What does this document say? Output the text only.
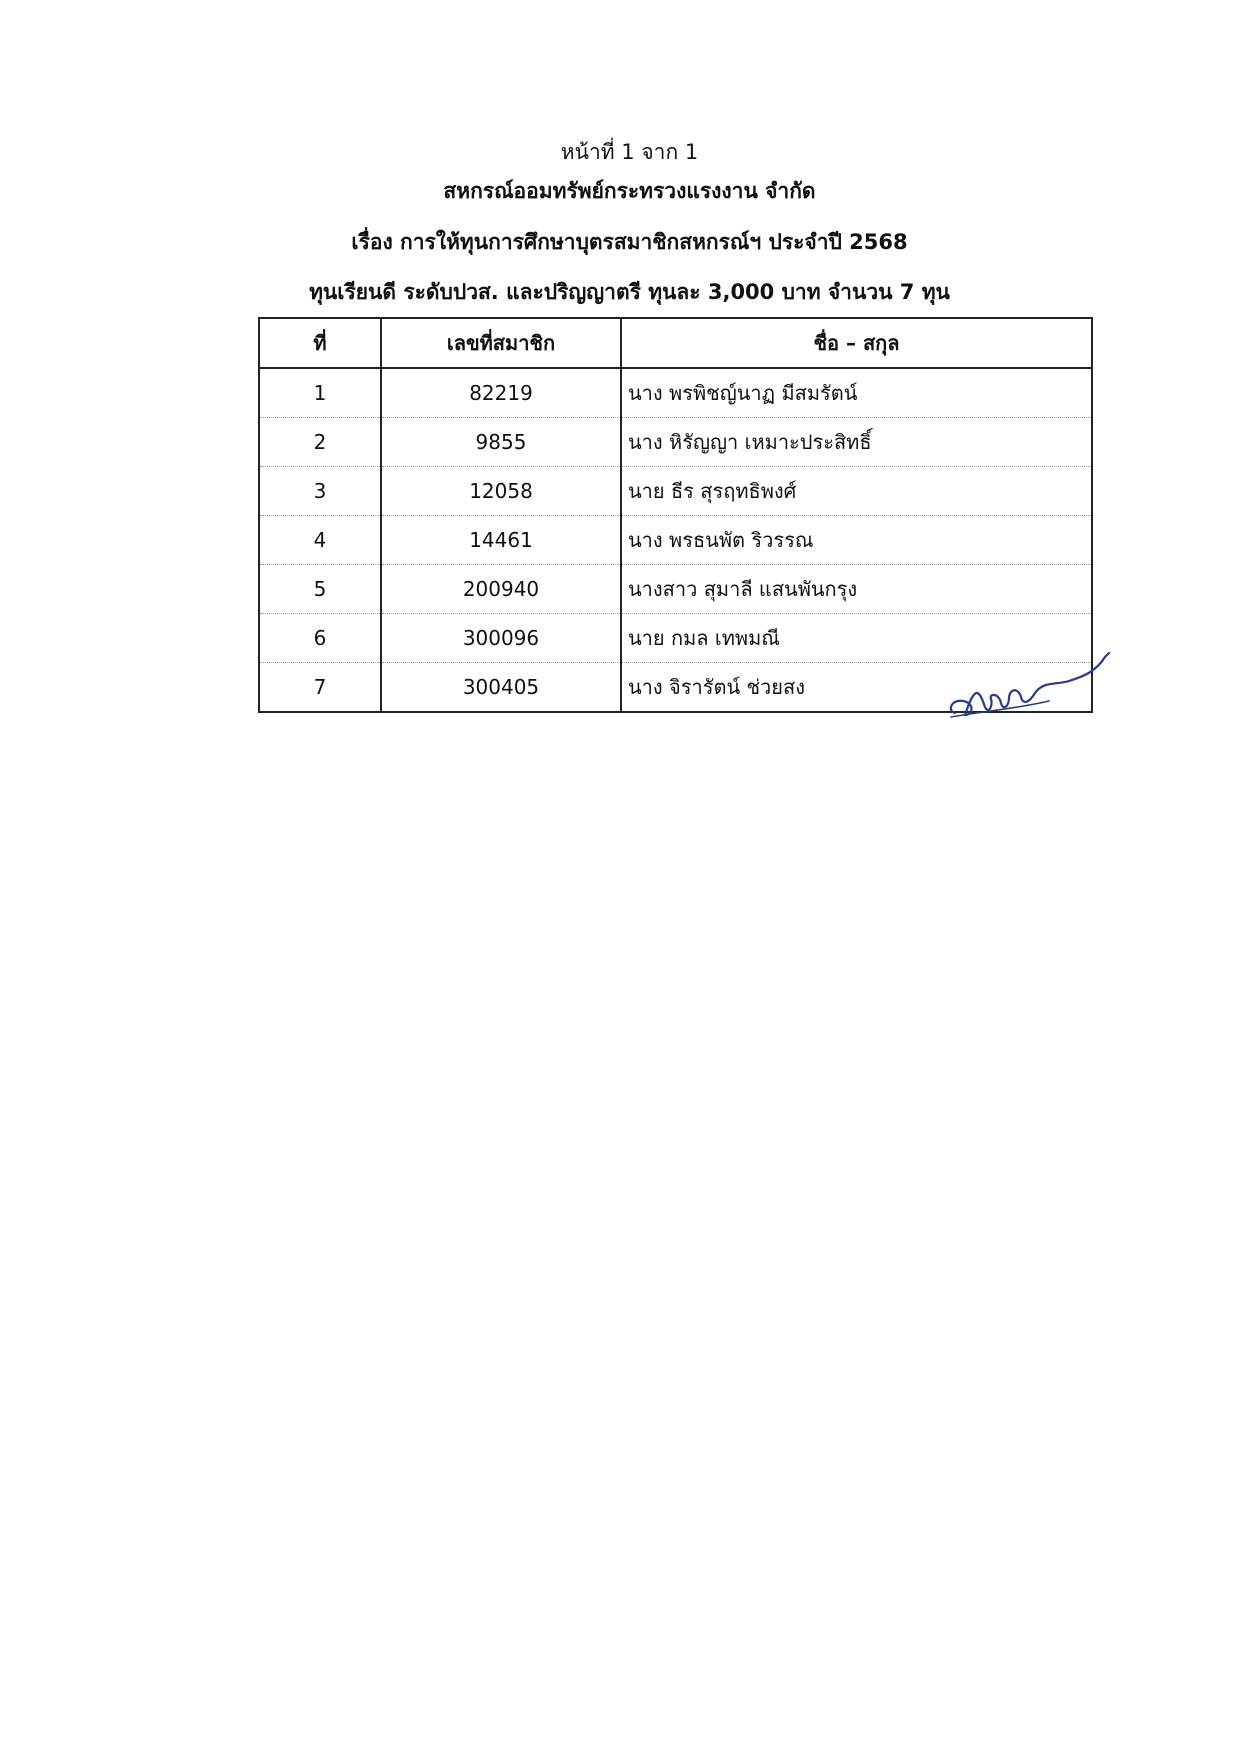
หน้าที่ 1 จาก 1
สหกรณ์ออมทรัพย์กระทรวงแรงงาน จำกัด
เรื่อง การให้ทุนการศึกษาบุตรสมาชิกสหกรณ์ฯ ประจำปี 2568
ทุนเรียนดี ระดับปวส. และปริญญาตรี ทุนละ 3,000 บาท จำนวน 7 ทุน
ที่	เลขที่สมาชิก	ชื่อ – สกุล
1	82219	นาง พรพิชญ์นาฏ มีสมรัตน์
2	9855	นาง หิรัญญา เหมาะประสิทธิ์
3	12058	นาย ธีร สุรฤทธิพงศ์
4	14461	นาง พรธนพัต ริวรรณ
5	200940	นางสาว สุมาลี แสนพันกรุง
6	300096	นาย กมล เทพมณี
7	300405	นาง จิรารัตน์ ช่วยสง
